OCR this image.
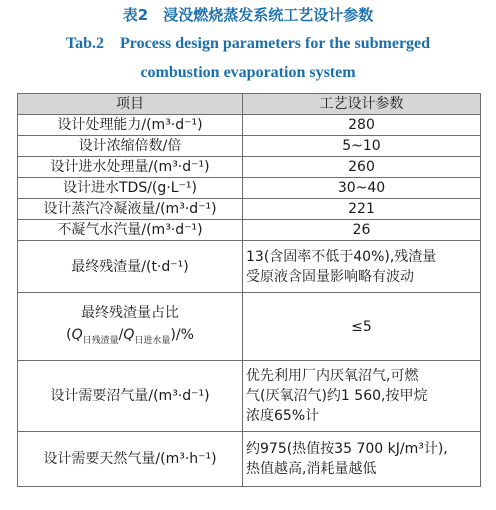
表2　浸没燃烧蒸发系统工艺设计参数
Tab.2　Process design parameters for the submerged
combustion evaporation system
项目	工艺设计参数
设计处理能力/(m³·d⁻¹)	280
设计浓缩倍数/倍	5~10
设计进水处理量/(m³·d⁻¹)	260
设计进水TDS/(g·L⁻¹)	30~40
设计蒸汽冷凝液量/(m³·d⁻¹)	221
不凝气水汽量/(m³·d⁻¹)	26
最终残渣量/(t·d⁻¹)	13(含固率不低于40%),残渣量
受原液含固量影响略有波动

最终残渣量占比
$(Q_{日残渣量}/Q_{日进水量})/\%$	≤5
设计需要沼气量/(m³·d⁻¹)	优先利用厂内厌氧沼气,可燃
气(厌氧沼气)约1 560,按甲烷
浓度65%计
设计需要天然气量/(m³·h⁻¹)	约975(热值按35 700 kJ/m³计),
热值越高,消耗量越低
